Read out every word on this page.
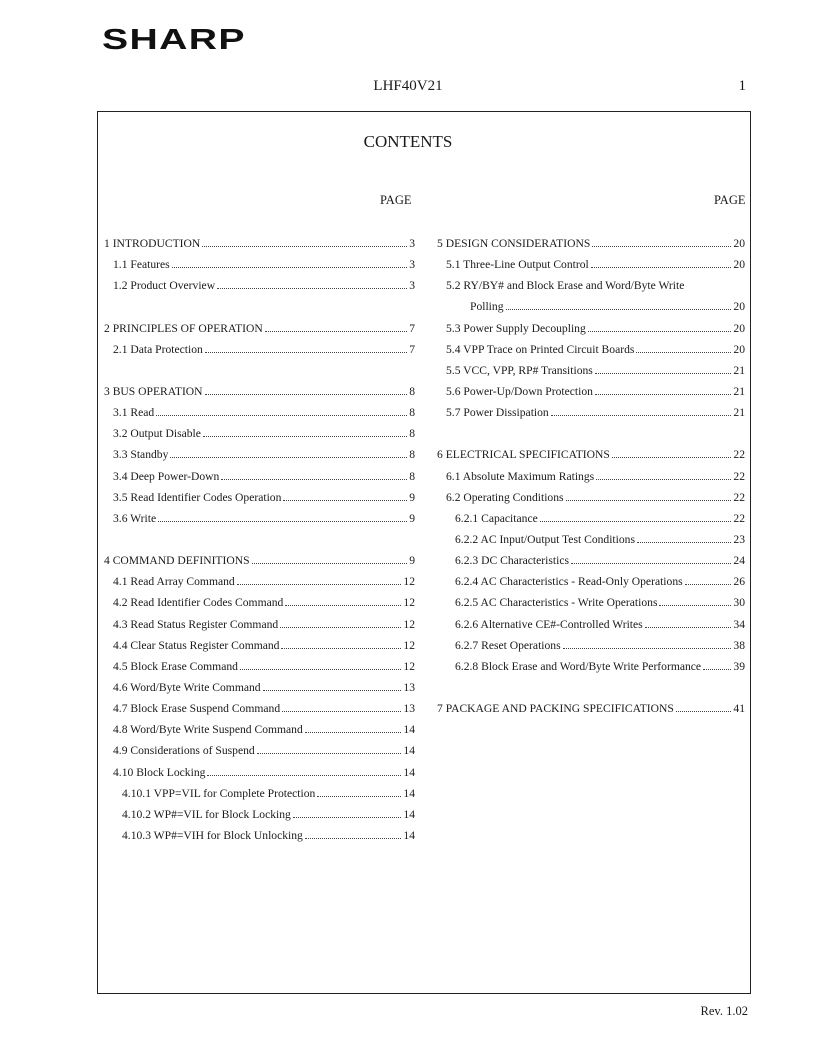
SHARP
LHF40V21	1
CONTENTS
PAGE	PAGE
1 INTRODUCTION	3
1.1 Features	3
1.2 Product Overview	3
2 PRINCIPLES OF OPERATION	7
2.1 Data Protection	7
3 BUS OPERATION	8
3.1 Read	8
3.2 Output Disable	8
3.3 Standby	8
3.4 Deep Power-Down	8
3.5 Read Identifier Codes Operation	9
3.6 Write	9
4 COMMAND DEFINITIONS	9
4.1 Read Array Command	12
4.2 Read Identifier Codes Command	12
4.3 Read Status Register Command	12
4.4 Clear Status Register Command	12
4.5 Block Erase Command	12
4.6 Word/Byte Write Command	13
4.7 Block Erase Suspend Command	13
4.8 Word/Byte Write Suspend Command	14
4.9 Considerations of Suspend	14
4.10 Block Locking	14
4.10.1 VPP=VIL for Complete Protection	14
4.10.2 WP#=VIL for Block Locking	14
4.10.3 WP#=VIH for Block Unlocking	14
5 DESIGN CONSIDERATIONS	20
5.1 Three-Line Output Control	20
5.2 RY/BY# and Block Erase and Word/Byte Write
Polling	20
5.3 Power Supply Decoupling	20
5.4 VPP Trace on Printed Circuit Boards	20
5.5 VCC, VPP, RP# Transitions	21
5.6 Power-Up/Down Protection	21
5.7 Power Dissipation	21
6 ELECTRICAL SPECIFICATIONS	22
6.1 Absolute Maximum Ratings	22
6.2 Operating Conditions	22
6.2.1 Capacitance	22
6.2.2 AC Input/Output Test Conditions	23
6.2.3 DC Characteristics	24
6.2.4 AC Characteristics - Read-Only Operations	26
6.2.5 AC Characteristics - Write Operations	30
6.2.6 Alternative CE#-Controlled Writes	34
6.2.7 Reset Operations	38
6.2.8 Block Erase and Word/Byte Write Performance	39
7 PACKAGE AND PACKING SPECIFICATIONS	41
Rev. 1.02
